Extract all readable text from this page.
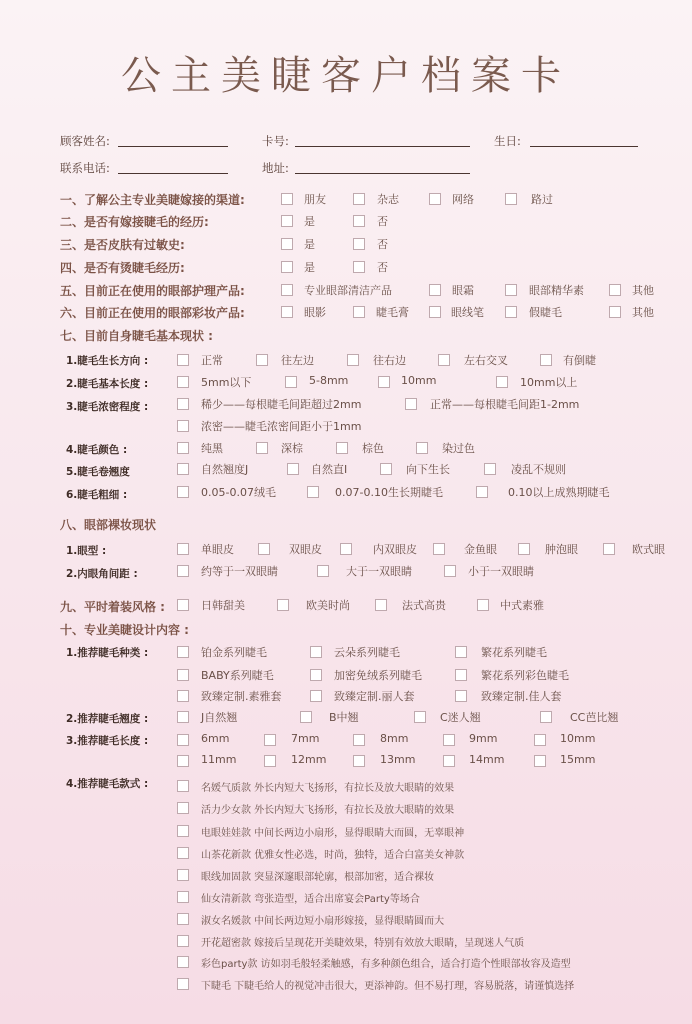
公主美睫客户档案卡
顾客姓名:	卡号:	生日:
联系电话:	地址:
一、了解公主专业美睫嫁接的渠道:	朋友	杂志	网络	路过
二、是否有嫁接睫毛的经历:	是	否
三、是否皮肤有过敏史:	是	否
四、是否有烫睫毛经历:	是	否
五、目前正在使用的眼部护理产品:	专业眼部清洁产品	眼霜	眼部精华素	其他
六、目前正在使用的眼部彩妆产品:	眼影	睫毛膏	眼线笔	假睫毛	其他
七、目前自身睫毛基本现状 :
1.睫毛生长方向 :	正常	往左边	往右边	左右交叉	有倒睫
2.睫毛基本长度 :	5mm以下	5-8mm	10mm	10mm以上
3.睫毛浓密程度 :	稀少——每根睫毛间距超过2mm	正常——每根睫毛间距1-2mm
浓密——睫毛浓密间距小于1mm
4.睫毛颜色 :	纯黑	深棕	棕色	染过色
5.睫毛卷翘度	自然翘度J	自然直I	向下生长	凌乱不规则
6.睫毛粗细 :	0.05-0.07绒毛	0.07-0.10生长期睫毛	0.10以上成熟期睫毛
八、眼部裸妆现状
1.眼型 :	单眼皮	双眼皮	内双眼皮	金鱼眼	肿泡眼	欧式眼
2.内眼角间距 :	约等于一双眼睛	大于一双眼睛	小于一双眼睛
九、平时着装风格 :	日韩甜美	欧美时尚	法式高贵	中式素雅
十、专业美睫设计内容 :
1.推荐睫毛种类 :	铂金系列睫毛	云朵系列睫毛	繁花系列睫毛
BABY系列睫毛	加密免绒系列睫毛	繁花系列彩色睫毛
致臻定制.素雅套	致臻定制.丽人套	致臻定制.佳人套
2.推荐睫毛翘度 :	J自然翘	B中翘	C迷人翘	CC芭比翘
3.推荐睫毛长度 :	6mm	7mm	8mm	9mm	10mm
11mm	12mm	13mm	14mm	15mm
4.推荐睫毛款式 :	名媛气质款 外长内短大飞扬形，有拉长及放大眼睛的效果
活力少女款 外长内短大飞扬形，有拉长及放大眼睛的效果
电眼娃娃款 中间长两边小扇形，显得眼睛大而圆，无辜眼神
山茶花新款 优雅女性必选，时尚，独特，适合白富美女神款
眼线加固款 突显深邃眼部轮廓，根部加密，适合裸妆
仙女清新款 弯张造型，适合出席宴会Party等场合
淑女名媛款 中间长两边短小扇形嫁接，显得眼睛圆而大
开花超密款 嫁接后呈现花开美睫效果，特别有效放大眼睛，呈现迷人气质
彩色party款 访如羽毛般轻柔触感，有多种颜色组合，适合打造个性眼部妆容及造型
下睫毛 下睫毛给人的视觉冲击很大，更添神韵。但不易打理，容易脱落，请谨慎选择
